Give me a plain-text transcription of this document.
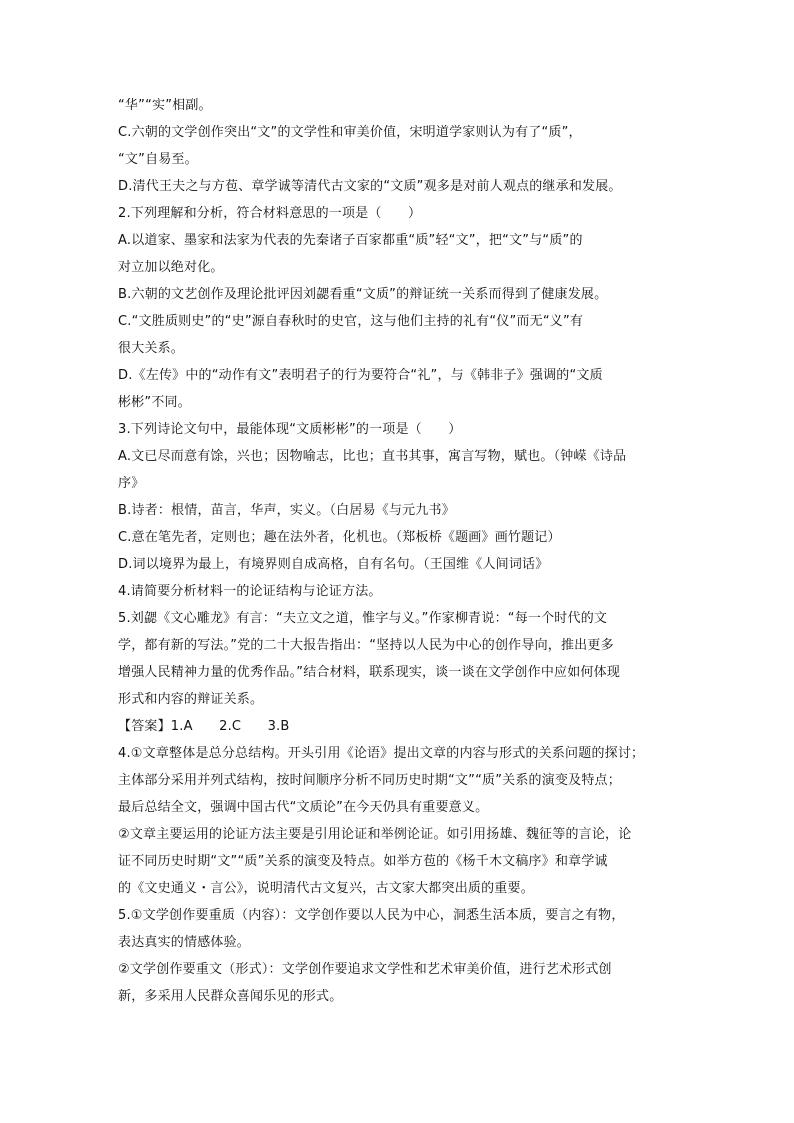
“华”“实”相副。
C.六朝的文学创作突出“文”的文学性和审美价值，宋明道学家则认为有了“质”，
“文”自易至。
D.清代王夫之与方苞、章学诚等清代古文家的“文质”观多是对前人观点的继承和发展。
2.下列理解和分析，符合材料意思的一项是（　　）
A.以道家、墨家和法家为代表的先秦诸子百家都重“质”轻“文”，把“文”与“质”的
对立加以绝对化。
B.六朝的文艺创作及理论批评因刘勰看重“文质”的辩证统一关系而得到了健康发展。
C.“文胜质则史”的“史”源自春秋时的史官，这与他们主持的礼有“仪”而无“义”有
很大关系。
D.《左传》中的“动作有文”表明君子的行为要符合“礼”，与《韩非子》强调的“文质
彬彬”不同。
3.下列诗论文句中，最能体现“文质彬彬”的一项是（　　）
A.文已尽而意有馀，兴也；因物喻志，比也；直书其事，寓言写物，赋也。（钟嵘《诗品
序》
B.诗者：根情，苗言，华声，实义。（白居易《与元九书》
C.意在笔先者，定则也；趣在法外者，化机也。（郑板桥《题画》画竹题记）
D.词以境界为最上，有境界则自成高格，自有名句。（王国维《人间词话》
4.请简要分析材料一的论证结构与论证方法。
5.刘勰《文心雕龙》有言：“夫立文之道，惟字与义。”作家柳青说：“每一个时代的文
学，都有新的写法。”党的二十大报告指出：“坚持以人民为中心的创作导向，推出更多
增强人民精神力量的优秀作品。”结合材料，联系现实，谈一谈在文学创作中应如何体现
形式和内容的辩证关系。
【答案】1.A　　2.C　　3.B
4.①文章整体是总分总结构。开头引用《论语》提出文章的内容与形式的关系问题的探讨；
主体部分采用并列式结构，按时间顺序分析不同历史时期“文”“质”关系的演变及特点；
最后总结全文，强调中国古代“文质论”在今天仍具有重要意义。
②文章主要运用的论证方法主要是引用论证和举例论证。如引用扬雄、魏征等的言论，论
证不同历史时期“文”“质”关系的演变及特点。如举方苞的《杨千木文稿序》和章学诚
的《文史通义・言公》，说明清代古文复兴，古文家大都突出质的重要。
5.①文学创作要重质（内容）：文学创作要以人民为中心，洞悉生活本质，要言之有物，
表达真实的情感体验。
②文学创作要重文（形式）：文学创作要追求文学性和艺术审美价值，进行艺术形式创
新，多采用人民群众喜闻乐见的形式。
